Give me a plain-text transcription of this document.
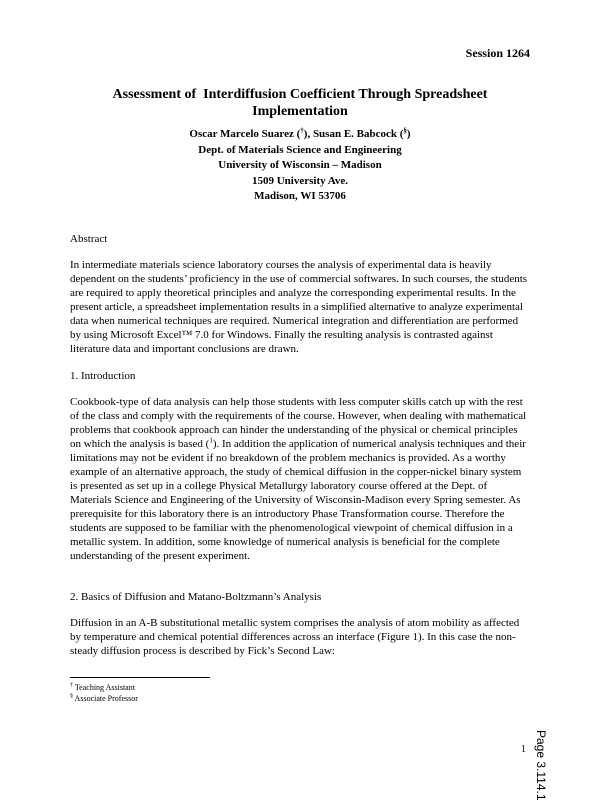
Session 1264
Assessment of  Interdiffusion Coefficient Through Spreadsheet
Implementation
Oscar Marcelo Suarez (†), Susan E. Babcock (§)
Dept. of Materials Science and Engineering
University of Wisconsin – Madison
1509 University Ave.
Madison, WI 53706
Abstract

In intermediate materials science laboratory courses the analysis of experimental data is heavily dependent on the students’ proficiency in the use of commercial softwares. In such courses, the students are required to apply theoretical principles and analyze the corresponding experimental results. In the present article, a spreadsheet implementation results in a simplified alternative to analyze experimental data when numerical techniques are required. Numerical integration and differentiation are performed by using Microsoft Excel™ 7.0 for Windows. Finally the resulting analysis is contrasted against literature data and important conclusions are drawn.

1. Introduction

Cookbook-type of data analysis can help those students with less computer skills catch up with the rest of the class and comply with the requirements of the course. However, when dealing with mathematical problems that cookbook approach can hinder the understanding of the physical or chemical principles on which the analysis is based ($^1$). In addition the application of numerical analysis techniques and their limitations may not be evident if no breakdown of the problem mechanics is provided. As a worthy example of an alternative approach, the study of chemical diffusion in the copper-nickel binary system is presented as set up in a college Physical Metallurgy laboratory course offered at the Dept. of Materials Science and Engineering of the University of Wisconsin-Madison every Spring semester. As prerequisite for this laboratory there is an introductory Phase Transformation course. Therefore the students are supposed to be familiar with the phenomenological viewpoint of chemical diffusion in a metallic system. In addition, some knowledge of numerical analysis is beneficial for the complete understanding of the present experiment.

2. Basics of Diffusion and Matano-Boltzmann’s Analysis

Diffusion in an A-B substitutional metallic system comprises the analysis of atom mobility as affected by temperature and chemical potential differences across an interface (Figure 1). In this case the non-steady diffusion process is described by Fick’s Second Law:

† Teaching Assistant
§ Associate Professor
1 Page 3.114.1
